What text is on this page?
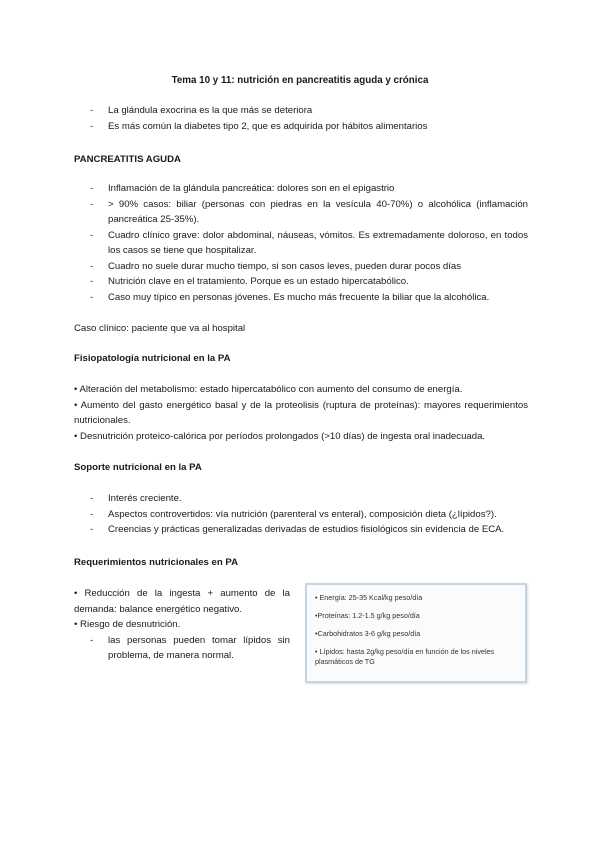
Tema 10 y 11: nutrición en pancreatitis aguda y crónica
- La glándula exocrina es la que más se deteriora
- Es más común la diabetes tipo 2, que es adquirida por hábitos alimentarios
PANCREATITIS AGUDA
- Inflamación de la glándula pancreática: dolores son en el epigastrio
- > 90% casos: biliar (personas con piedras en la vesícula 40-70%) o alcohólica (inflamación pancreática 25-35%).
- Cuadro clínico grave: dolor abdominal, náuseas, vómitos. Es extremadamente doloroso, en todos los casos se tiene que hospitalizar.
- Cuadro no suele durar mucho tiempo, si son casos leves, pueden durar pocos días
- Nutrición clave en el tratamiento. Porque es un estado hipercatabólico.
- Caso muy típico en personas jóvenes. Es mucho más frecuente la biliar que la alcohólica.
Caso clínico: paciente que va al hospital
Fisiopatología nutricional en la PA

• Alteración del metabolismo: estado hipercatabólico con aumento del consumo de energía.

• Aumento del gasto energético basal y de la proteolisis (ruptura de proteínas): mayores requerimientos nutricionales.

• Desnutrición proteico-calórica por períodos prolongados (>10 días) de ingesta oral inadecuada.

Soporte nutricional en la PA
- Interés creciente.
- Aspectos controvertidos: vía nutrición (parenteral vs enteral), composición dieta (¿lípidos?).
- Creencias y prácticas generalizadas derivadas de estudios fisiológicos sin evidencia de ECA.
Requerimientos nutricionales en PA

• Reducción de la ingesta + aumento de la demanda: balance energético negativo.

• Riesgo de desnutrición.

- las personas pueden tomar lípidos sin problema, de manera normal.
• Energía: 25-35 Kcal/kg peso/día
•Proteínas: 1.2-1.5 g/kg peso/día
•Carbohidratos 3-6 g/kg peso/día
• Lípidos: hasta 2g/kg peso/día en función de los niveles plasmáticos de TG
